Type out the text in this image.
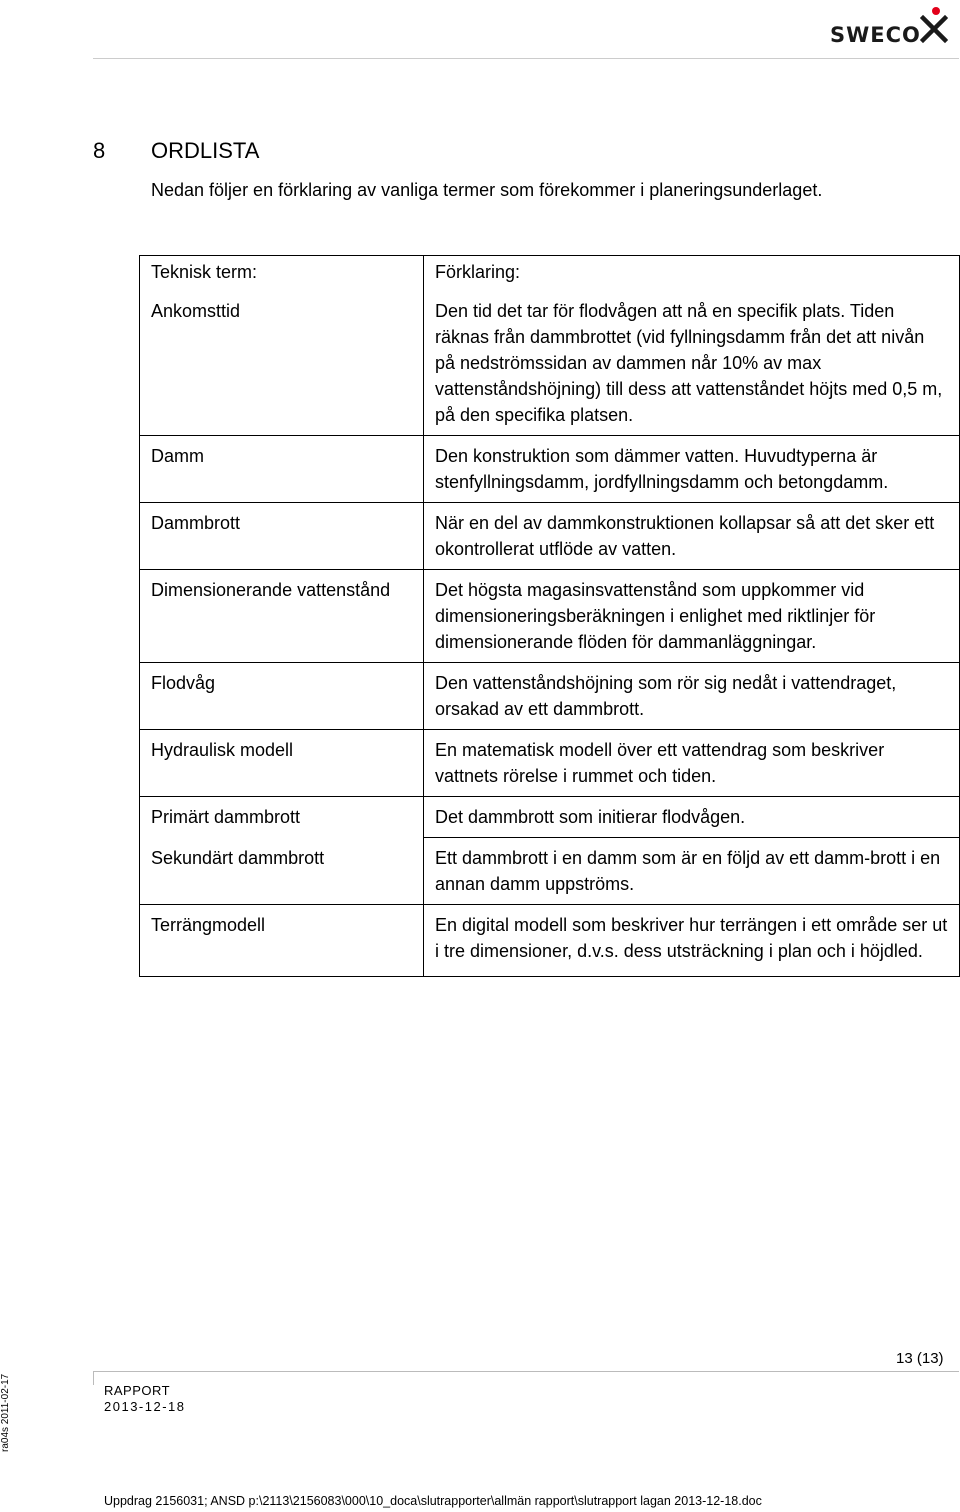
SWECO
8 ORDLISTA
Nedan följer en förklaring av vanliga termer som förekommer i planeringsunderlaget.
Teknisk term:	Förklaring:
Ankomsttid	Den tid det tar för flodvågen att nå en specifik plats. Tiden räknas från dammbrottet (vid fyllningsdamm från det att nivån på nedströmssidan av dammen når 10% av max vattenståndshöjning) till dess att vattenståndet höjts med 0,5 m, på den specifika platsen.
Damm	Den konstruktion som dämmer vatten. Huvudtyperna är stenfyllningsdamm, jordfyllningsdamm och betongdamm.
Dammbrott	När en del av dammkonstruktionen kollapsar så att det sker ett okontrollerat utflöde av vatten.
Dimensionerande vattenstånd	Det högsta magasinsvattenstånd som uppkommer vid dimensioneringsberäkningen i enlighet med riktlinjer för dimensionerande flöden för dammanläggningar.
Flodvåg	Den vattenståndshöjning som rör sig nedåt i vattendraget, orsakad av ett dammbrott.
Hydraulisk modell	En matematisk modell över ett vattendrag som beskriver vattnets rörelse i rummet och tiden.
Primärt dammbrott	Det dammbrott som initierar flodvågen.
Sekundärt dammbrott	Ett dammbrott i en damm som är en följd av ett damm-brott i en annan damm uppströms.
Terrängmodell	En digital modell som beskriver hur terrängen i ett område ser ut i tre dimensioner, d.v.s. dess utsträckning i plan och i höjdled.
13 (13)
RAPPORT
2013-12-18
ra04s 2011-02-17
Uppdrag 2156031; ANSD p:\2113\2156083\000\10_doca\slutrapporter\allmän rapport\slutrapport lagan 2013-12-18.doc
